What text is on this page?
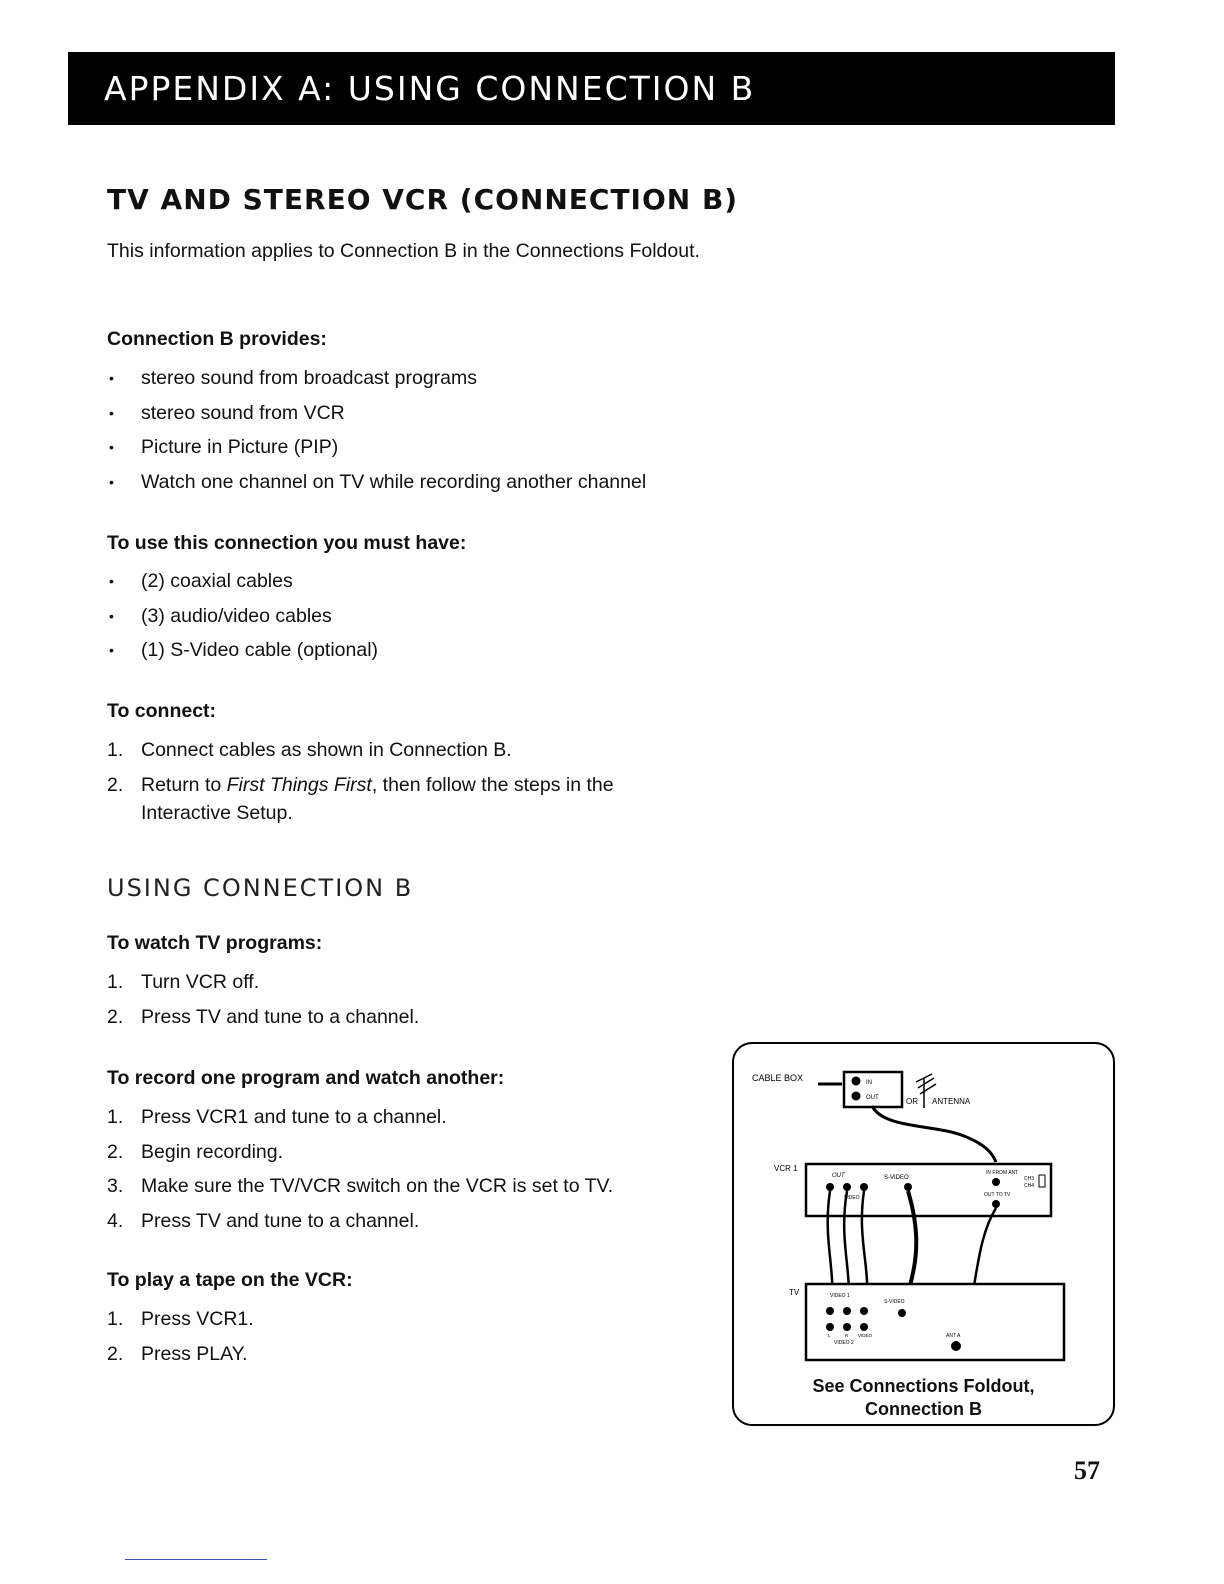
APPENDIX A: USING CONNECTION B
TV AND STEREO VCR (CONNECTION B)
This information applies to Connection B in the Connections Foldout.
Connection B provides:
• stereo sound from broadcast programs
• stereo sound from VCR
• Picture in Picture (PIP)
• Watch one channel on TV while recording another channel
To use this connection you must have:
• (2) coaxial cables
• (3) audio/video cables
• (1) S-Video cable (optional)
To connect:
1. Connect cables as shown in Connection B.
2. Return to First Things First, then follow the steps in the Interactive Setup.
USING CONNECTION B
To watch TV programs:
1. Turn VCR off.
2. Press TV and tune to a channel.
To record one program and watch another:
1. Press VCR1 and tune to a channel.
2. Begin recording.
3. Make sure the TV/VCR switch on the VCR is set to TV.
4. Press TV and tune to a channel.
To play a tape on the VCR:
1. Press VCR1.
2. Press PLAY.
CABLE BOX	IN
OUT	OR ANTENNA
VCR 1
OUT	S-VIDEO
VIDEO
IN FROM ANT
OUT TO TV
CH3
CH4
TV	VIDEO 1
S-VIDEO
L	R VIDEO
VIDEO 2
ANT A
See Connections Foldout,
Connection B
57
